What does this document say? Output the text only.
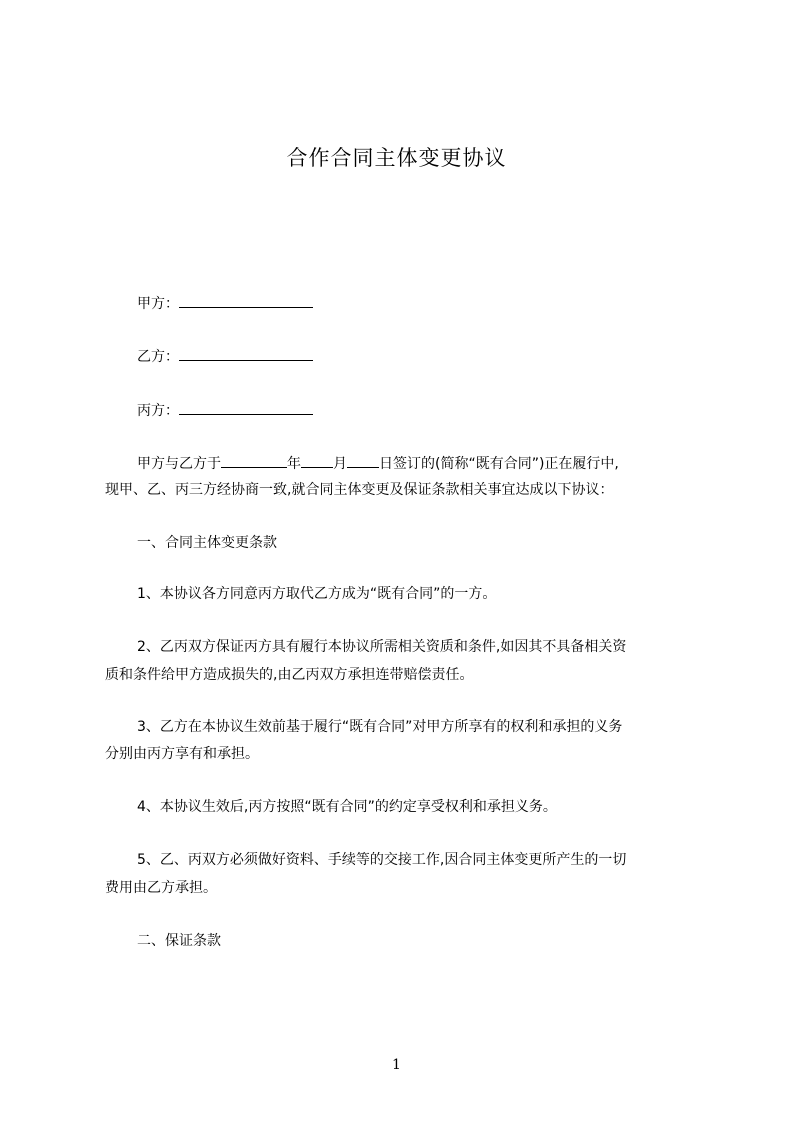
合作合同主体变更协议
甲方：
乙方：
丙方：
甲方与乙方于	年 月 日签订的(简称“既有合同”)正在履行中,
现甲、乙、丙三方经协商一致,就合同主体变更及保证条款相关事宜达成以下协议：
一、合同主体变更条款
1、本协议各方同意丙方取代乙方成为“既有合同”的一方。
2、乙丙双方保证丙方具有履行本协议所需相关资质和条件,如因其不具备相关资
质和条件给甲方造成损失的,由乙丙双方承担连带赔偿责任。
3、乙方在本协议生效前基于履行“既有合同”对甲方所享有的权利和承担的义务
分别由丙方享有和承担。
4、本协议生效后,丙方按照“既有合同”的约定享受权利和承担义务。
5、乙、丙双方必须做好资料、手续等的交接工作,因合同主体变更所产生的一切
费用由乙方承担。
二、保证条款
1
